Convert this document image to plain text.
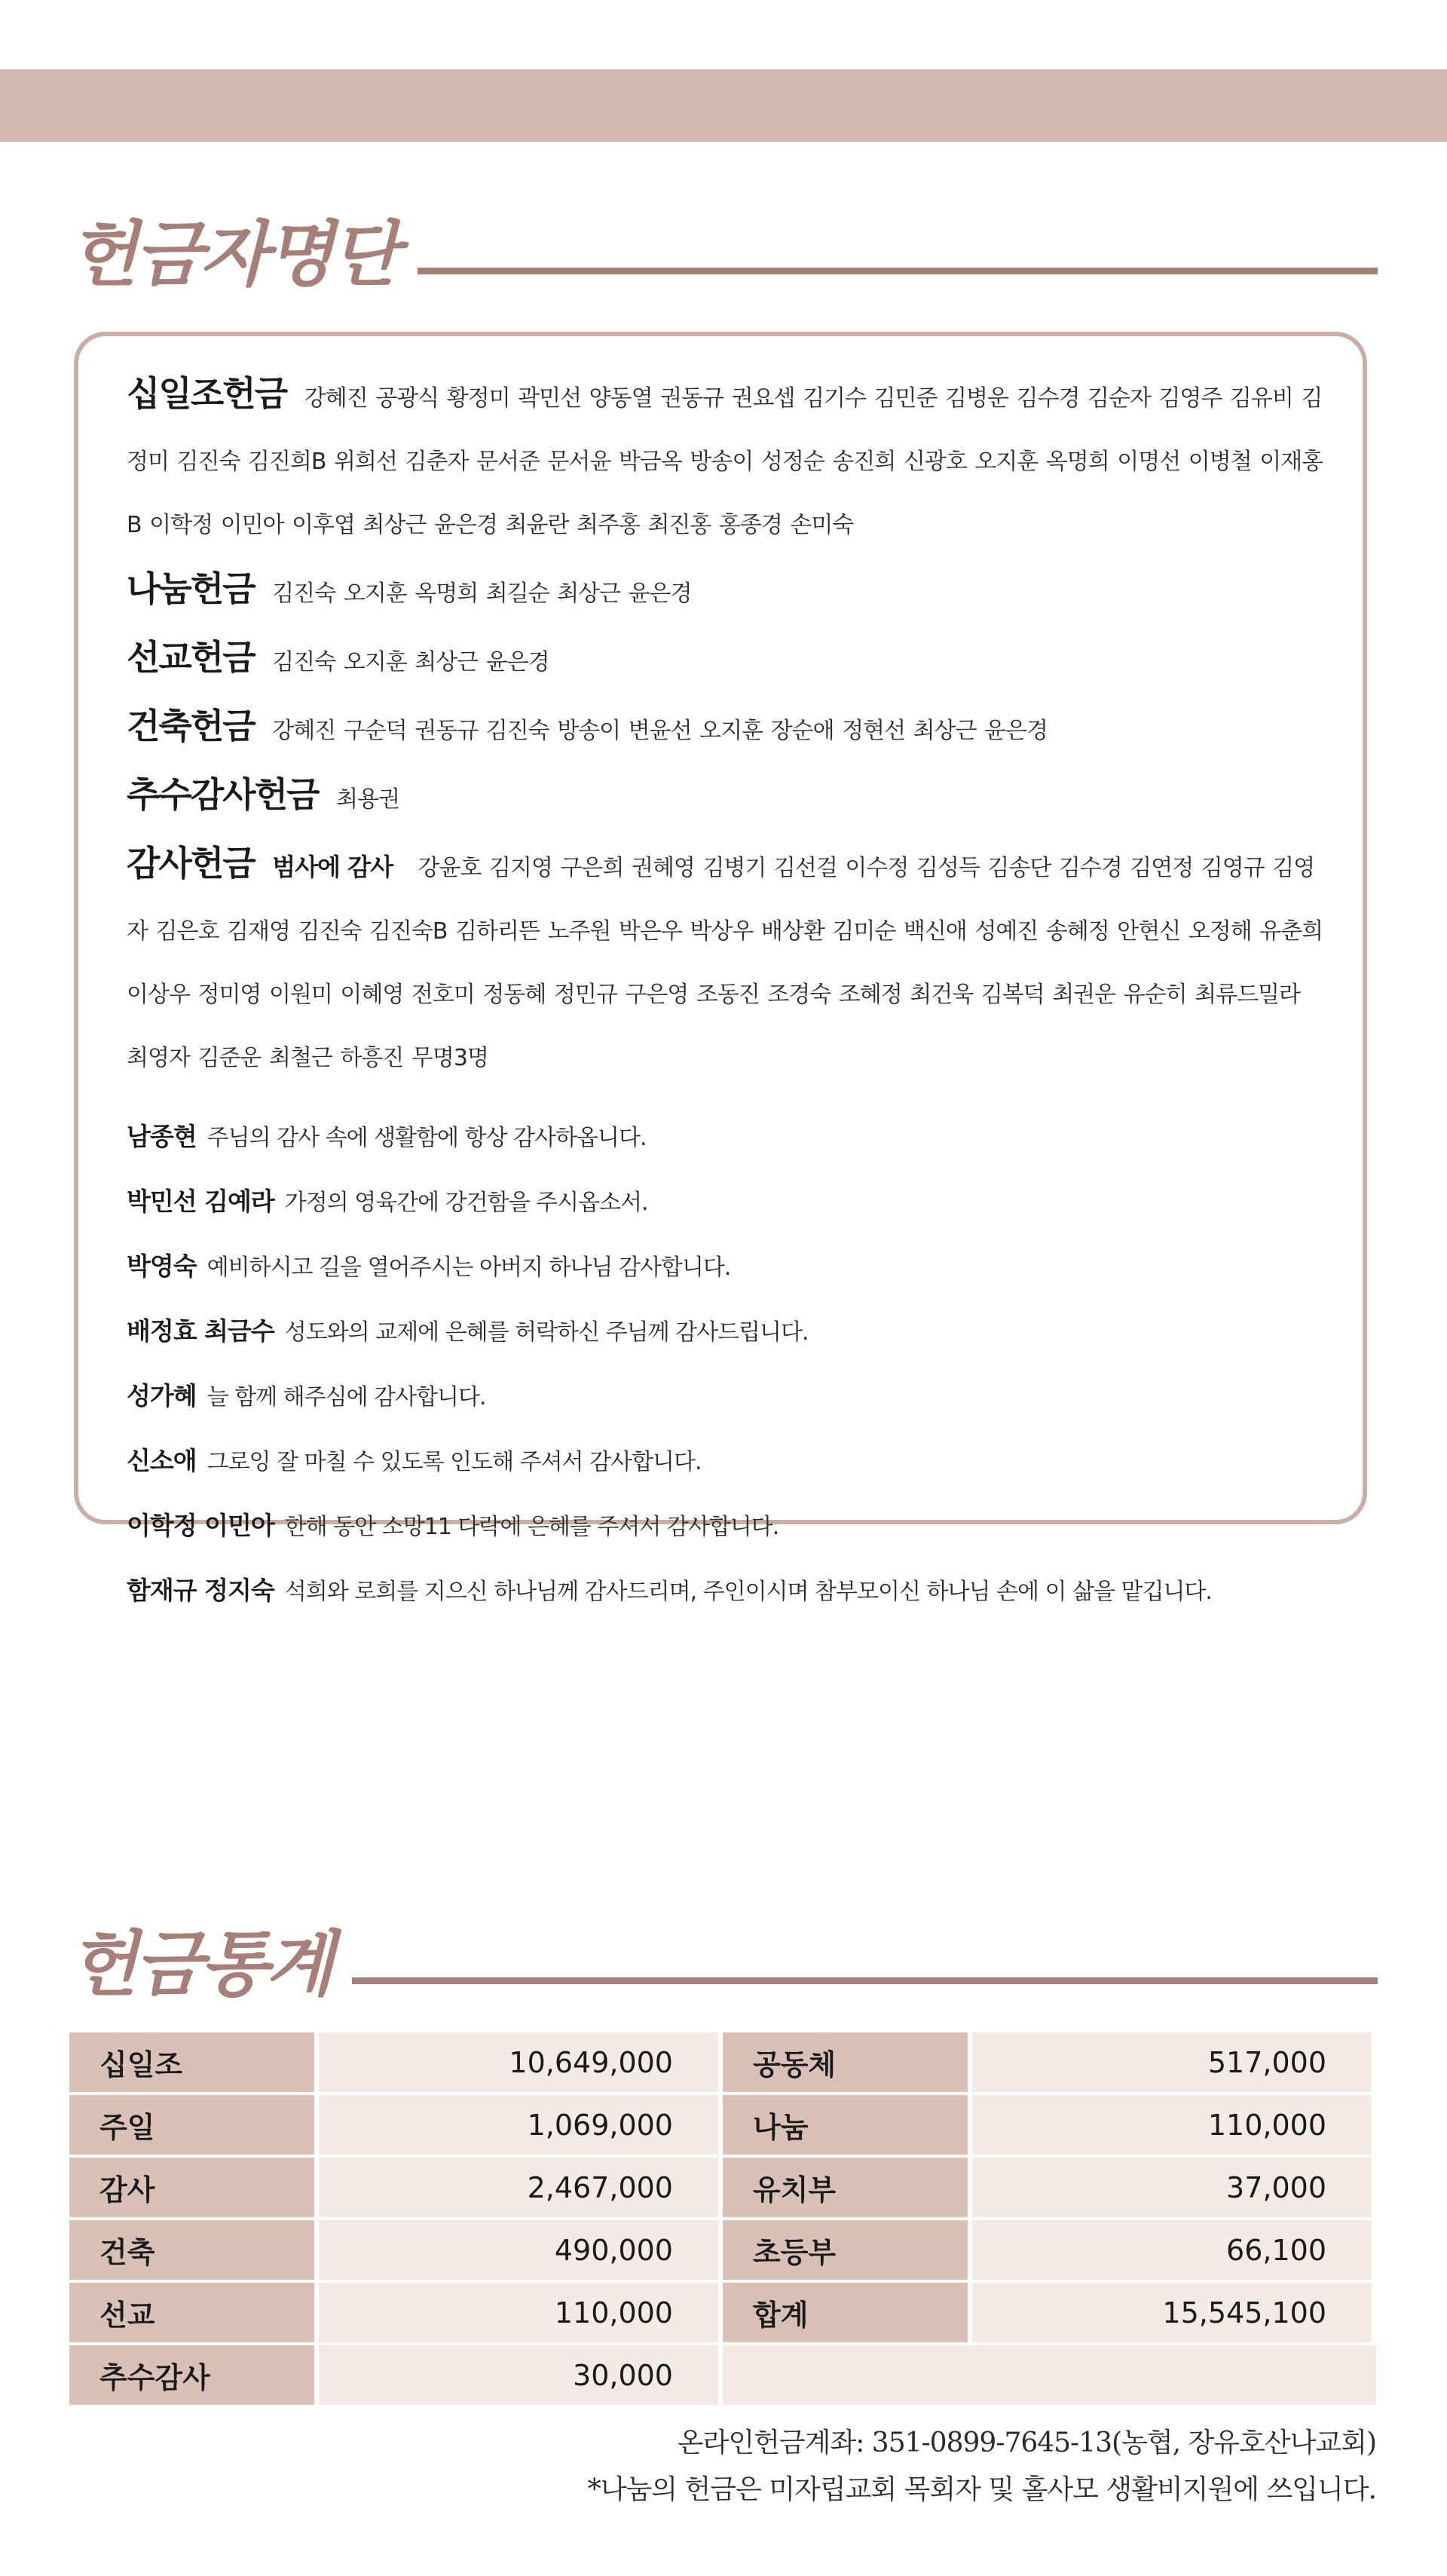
헌금자명단
십일조헌금 강혜진 공광식 황정미 곽민선 양동열 권동규 권요셉 김기수 김민준 김병운 김수경 김순자 김영주 김유비 김정미 김진숙 김진희B 위희선 김춘자 문서준 문서윤 박금옥 방송이 성정순 송진희 신광호 오지훈 옥명희 이명선 이병철 이재홍B 이학정 이민아 이후엽 최상근 윤은경 최윤란 최주홍 최진홍 홍종경 손미숙
나눔헌금 김진숙 오지훈 옥명희 최길순 최상근 윤은경
선교헌금 김진숙 오지훈 최상근 윤은경
건축헌금 강혜진 구순덕 권동규 김진숙 방송이 변윤선 오지훈 장순애 정현선 최상근 윤은경
추수감사헌금 최용권
감사헌금 범사에 감사 강윤호 김지영 구은희 권혜영 김병기 김선걸 이수정 김성득 김송단 김수경 김연정 김영규 김영자 김은호 김재영 김진숙 김진숙B 김하리뜬 노주원 박은우 박상우 배상환 김미순 백신애 성예진 송혜정 안현신 오정해 유춘희 이상우 정미영 이원미 이혜영 전호미 정동혜 정민규 구은영 조동진 조경숙 조혜정 최건욱 김복덕 최권운 유순히 최류드밀라 최영자 김준운 최철근 하흥진 무명3명
남종현 주님의 감사 속에 생활함에 항상 감사하옵니다.
박민선 김예라 가정의 영육간에 강건함을 주시옵소서.
박영숙 예비하시고 길을 열어주시는 아버지 하나님 감사합니다.
배정효 최금수 성도와의 교제에 은혜를 허락하신 주님께 감사드립니다.
성가혜 늘 함께 해주심에 감사합니다.
신소애 그로잉 잘 마칠 수 있도록 인도해 주셔서 감사합니다.
이학정 이민아 한해 동안 소망11 다락에 은혜를 주셔서 감사합니다.
함재규 정지숙 석희와 로희를 지으신 하나님께 감사드리며, 주인이시며 참부모이신 하나님 손에 이 삶을 맡깁니다.
헌금통계
십일조	10,649,000	공동체	517,000
주일	1,069,000	나눔	110,000
감사	2,467,000	유치부	37,000
건축	490,000	초등부	66,100
선교	110,000	합계	15,545,100
추수감사	30,000		
온라인헌금계좌: 351-0899-7645-13(농협, 장유호산나교회)
*나눔의 헌금은 미자립교회 목회자 및 홀사모 생활비지원에 쓰입니다.
